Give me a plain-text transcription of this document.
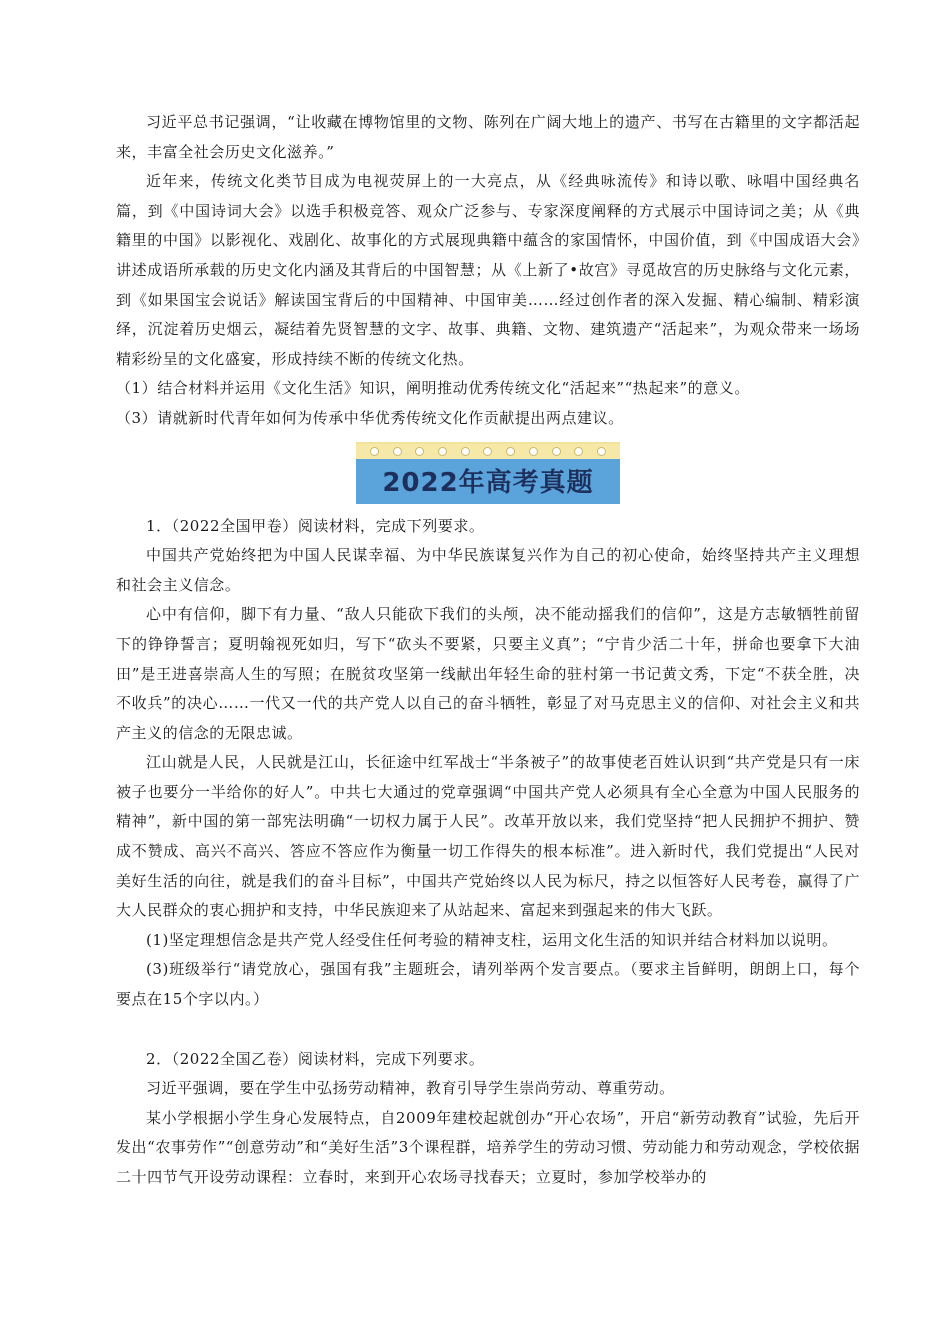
习近平总书记强调，“让收藏在博物馆里的文物、陈列在广阔大地上的遗产、书写在古籍里的文字都活起来，丰富全社会历史文化滋养。”

近年来，传统文化类节目成为电视荧屏上的一大亮点，从《经典咏流传》和诗以歌、咏唱中国经典名篇，到《中国诗词大会》以选手积极竞答、观众广泛参与、专家深度阐释的方式展示中国诗词之美；从《典籍里的中国》以影视化、戏剧化、故事化的方式展现典籍中蕴含的家国情怀，中国价值，到《中国成语大会》讲述成语所承载的历史文化内涵及其背后的中国智慧；从《上新了•故宫》寻觅故宫的历史脉络与文化元素，到《如果国宝会说话》解读国宝背后的中国精神、中国审美……经过创作者的深入发掘、精心编制、精彩演绎，沉淀着历史烟云，凝结着先贤智慧的文字、故事、典籍、文物、建筑遗产“活起来”，为观众带来一场场精彩纷呈的文化盛宴，形成持续不断的传统文化热。

（1）结合材料并运用《文化生活》知识，阐明推动优秀传统文化“活起来”“热起来”的意义。

（3）请就新时代青年如何为传承中华优秀传统文化作贡献提出两点建议。

2022年高考真题

1．（2022全国甲卷）阅读材料，完成下列要求。

中国共产党始终把为中国人民谋幸福、为中华民族谋复兴作为自己的初心使命，始终坚持共产主义理想和社会主义信念。

心中有信仰，脚下有力量、“敌人只能砍下我们的头颅，决不能动摇我们的信仰”，这是方志敏牺牲前留下的铮铮誓言；夏明翰视死如归，写下“砍头不要紧，只要主义真”；“宁肯少活二十年，拼命也要拿下大油田”是王进喜崇高人生的写照；在脱贫攻坚第一线献出年轻生命的驻村第一书记黄文秀，下定“不获全胜，决不收兵”的决心……一代又一代的共产党人以自己的奋斗牺牲，彰显了对马克思主义的信仰、对社会主义和共产主义的信念的无限忠诚。

江山就是人民，人民就是江山，长征途中红军战士“半条被子”的故事使老百姓认识到“共产党是只有一床被子也要分一半给你的好人”。中共七大通过的党章强调“中国共产党人必须具有全心全意为中国人民服务的精神”，新中国的第一部宪法明确“一切权力属于人民”。改革开放以来，我们党坚持“把人民拥护不拥护、赞成不赞成、高兴不高兴、答应不答应作为衡量一切工作得失的根本标准”。进入新时代，我们党提出“人民对美好生活的向往，就是我们的奋斗目标”，中国共产党始终以人民为标尺，持之以恒答好人民考卷，赢得了广大人民群众的衷心拥护和支持，中华民族迎来了从站起来、富起来到强起来的伟大飞跃。

(1)坚定理想信念是共产党人经受住任何考验的精神支柱，运用文化生活的知识并结合材料加以说明。

(3)班级举行“请党放心，强国有我”主题班会，请列举两个发言要点。（要求主旨鲜明，朗朗上口，每个要点在15个字以内。）

2．（2022全国乙卷）阅读材料，完成下列要求。

习近平强调，要在学生中弘扬劳动精神，教育引导学生崇尚劳动、尊重劳动。

某小学根据小学生身心发展特点，自2009年建校起就创办“开心农场”，开启“新劳动教育”试验，先后开发出“农事劳作”“创意劳动”和“美好生活”3个课程群，培养学生的劳动习惯、劳动能力和劳动观念，学校依据二十四节气开设劳动课程：立春时，来到开心农场寻找春天；立夏时，参加学校举办的
